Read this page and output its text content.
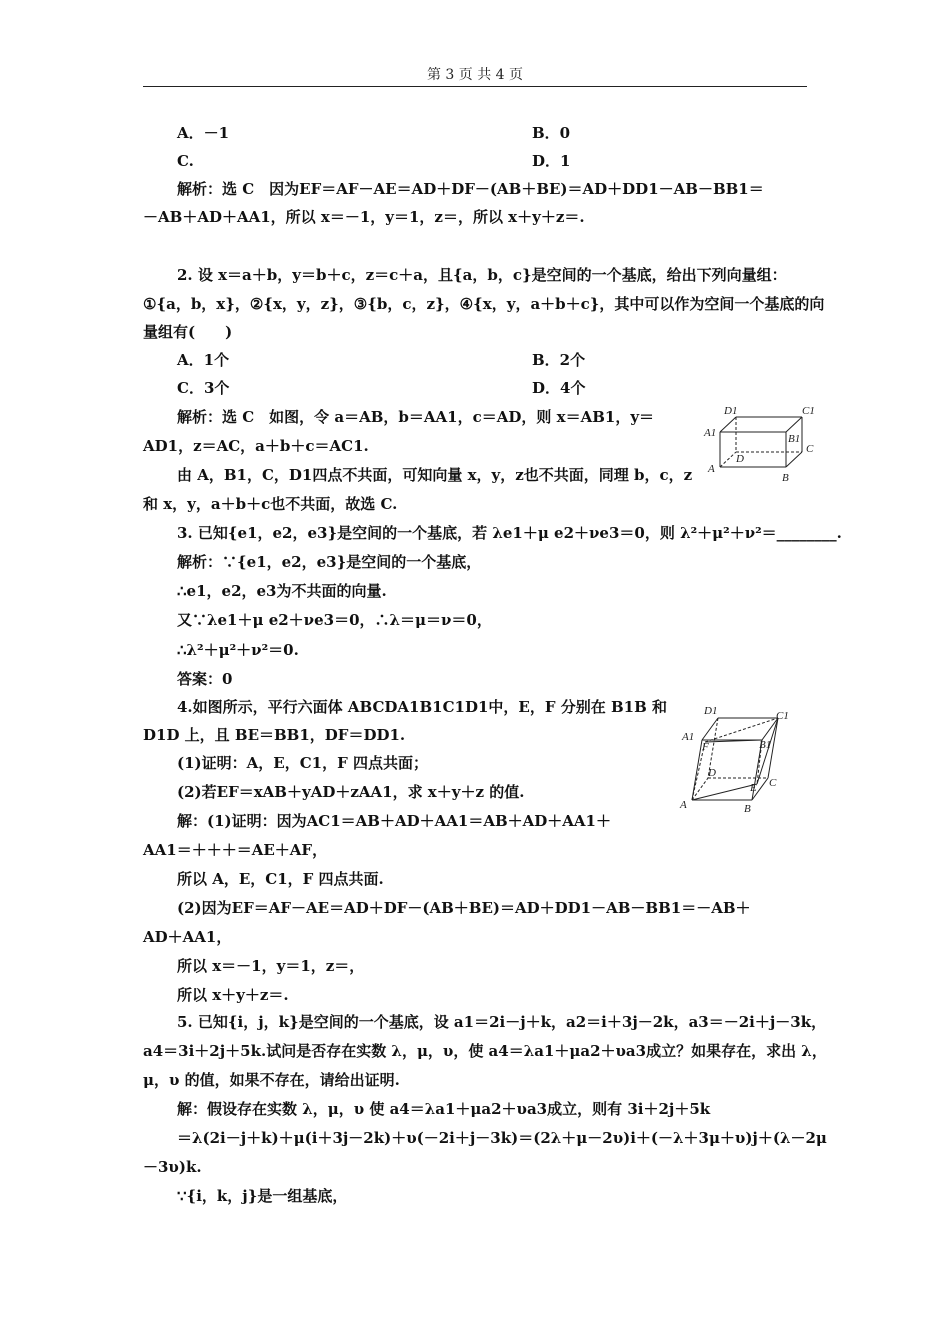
第 3 页 共 4 页
D1	C1
A1	B1
C
D
A
B
D1	C1
A1
F	B1
D
C
E
A	B
A．－1	B．0
C.	D．1
解析：选 C　因为EF＝AF－AE＝AD＋DF－(AB＋BE)＝AD＋DD1－AB－BB1＝
－AB＋AD＋AA1，所以 x＝－1，y＝1，z＝，所以 x＋y＋z＝.
2. 设 x＝a＋b，y＝b＋c，z＝c＋a，且{a，b，c}是空间的一个基底，给出下列向量组：
①{a，b，x}，②{x，y，z}，③{b，c，z}，④{x，y，a＋b＋c}，其中可以作为空间一个基底的向
量组有(　　)
A．1个	B．2个
C．3个	D．4个
解析：选 C　如图，令 a＝AB，b＝AA1，c＝AD，则 x＝AB1，y＝
AD1，z＝AC，a＋b＋c＝AC1.
由 A，B1，C，D1四点不共面，可知向量 x，y，z也不共面，同理 b，c，z
和 x，y，a＋b＋c也不共面，故选 C.
3. 已知{e1，e2，e3}是空间的一个基底，若 λe1＋μ e2＋νe3＝0，则 λ²＋μ²＋ν²＝________.
解析：∵{e1，e2，e3}是空间的一个基底，
∴e1，e2，e3为不共面的向量.
又∵λe1＋μ e2＋νe3＝0，∴λ＝μ＝ν＝0，
∴λ²＋μ²＋ν²＝0.
答案：0
4.如图所示，平行六面体 ABCDA1B1C1D1中，E，F 分别在 B1B 和
D1D 上，且 BE＝BB1，DF＝DD1.
(1)证明：A，E，C1，F 四点共面；
(2)若EF＝xAB＋yAD＋zAA1，求 x＋y＋z 的值.
解：(1)证明：因为AC1＝AB＋AD＋AA1＝AB＋AD＋AA1＋
AA1＝＋＋＋＝AE＋AF，
所以 A，E，C1，F 四点共面.
(2)因为EF＝AF－AE＝AD＋DF－(AB＋BE)＝AD＋DD1－AB－BB1＝－AB＋
AD＋AA1，
所以 x＝－1，y＝1，z＝，
所以 x＋y＋z＝.
5. 已知{i，j，k}是空间的一个基底，设 a1＝2i－j＋k，a2＝i＋3j－2k，a3＝－2i＋j－3k，
a4＝3i＋2j＋5k.试问是否存在实数 λ，μ，υ，使 a4＝λa1＋μa2＋υa3成立？如果存在，求出 λ，
μ，υ 的值，如果不存在，请给出证明.
解：假设存在实数 λ，μ，υ 使 a4＝λa1＋μa2＋υa3成立，则有 3i＋2j＋5k
＝λ(2i－j＋k)＋μ(i＋3j－2k)＋υ(－2i＋j－3k)＝(2λ＋μ－2υ)i＋(－λ＋3μ＋υ)j＋(λ－2μ
－3υ)k.
∵{i，k，j}是一组基底，
